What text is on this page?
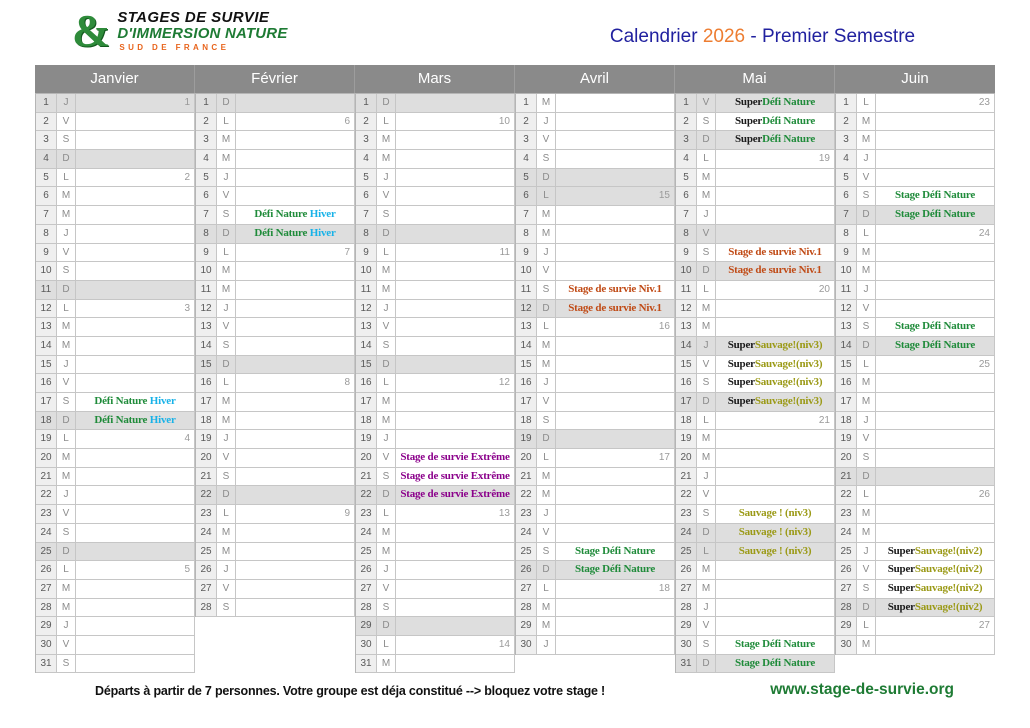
& STAGES DE SURVIE
D'IMMERSION NATURE
SUD DE FRANCE
Calendrier 2026 - Premier Semestre
Janvier
1	J	1
2	V
3	S
4	D
5	L	2
6	M
7	M
8	J
9	V
10	S
11	D
12	L	3
13	M
14	M
15	J
16	V
17	S	Défi Nature Hiver
18	D	Défi Nature Hiver
19	L	4
20	M
21	M
22	J
23	V
24	S
25	D
26	L	5
27	M
28	M
29	J
30	V
31	S
Février
1	D
2	L	6
3	M
4	M
5	J
6	V
7	S	Défi Nature Hiver
8	D	Défi Nature Hiver
9	L	7
10	M
11	M
12	J
13	V
14	S
15	D
16	L	8
17	M
18	M
19	J
20	V
21	S
22	D
23	L	9
24	M
25	M
26	J
27	V
28	S
Mars
1	D
2	L	10
3	M
4	M
5	J
6	V
7	S
8	D
9	L	11
10	M
11	M
12	J
13	V
14	S
15	D
16	L	12
17	M
18	M
19	J
20	V	Stage de survie Extrême
21	S	Stage de survie Extrême
22	D Stage de survie Extrême
23	L	13
24	M
25	M
26	J
27	V
28	S
29	D
30	L	14
31	M
Avril
1	M
2	J
3	V
4	S
5	D
6	L	15
7	M
8	M
9	J
10	V
11	S	Stage de survie Niv.1
12	D	Stage de survie Niv.1
13	L	16
14	M
15	M
16	J
17	V
18	S
19	D
20	L	17
21	M
22	M
23	J
24	V
25	S	Stage Défi Nature
26	D	Stage Défi Nature
27	L	18
28	M
29	M
30	J
Mai
1	V	SuperDéfi Nature
2	S	SuperDéfi Nature
3	D	SuperDéfi Nature
4	L	19
5	M
6	M
7	J
8	V
9	S	Stage de survie Niv.1
10	D	Stage de survie Niv.1
11	L	20
12	M
13	M
14	J	SuperSauvage!(niv3)
15	V	SuperSauvage!(niv3)
16	S	SuperSauvage!(niv3)
17	D	SuperSauvage!(niv3)
18	L	21
19	M
20	M
21	J
22	V
23	S	Sauvage ! (niv3)
24	D	Sauvage ! (niv3)
25	L	Sauvage ! (niv3)
26	M
27	M
28	J
29	V
30	S	Stage Défi Nature
31	D	Stage Défi Nature
Juin
1	L	23
2	M
3	M
4	J
5	V
6	S	Stage Défi Nature
7	D	Stage Défi Nature
8	L	24
9	M
10	M
11	J
12	V
13	S	Stage Défi Nature
14	D	Stage Défi Nature
15	L	25
16	M
17	M
18	J
19	V
20	S
21	D
22	L	26
23	M
24	M
25	J	SuperSauvage!(niv2)
26	V	SuperSauvage!(niv2)
27	S	SuperSauvage!(niv2)
28	D	SuperSauvage!(niv2)
29	L	27
30	M
Départs à partir de 7 personnes. Votre groupe est déja constitué --> bloquez votre stage !	www.stage-de-survie.org
